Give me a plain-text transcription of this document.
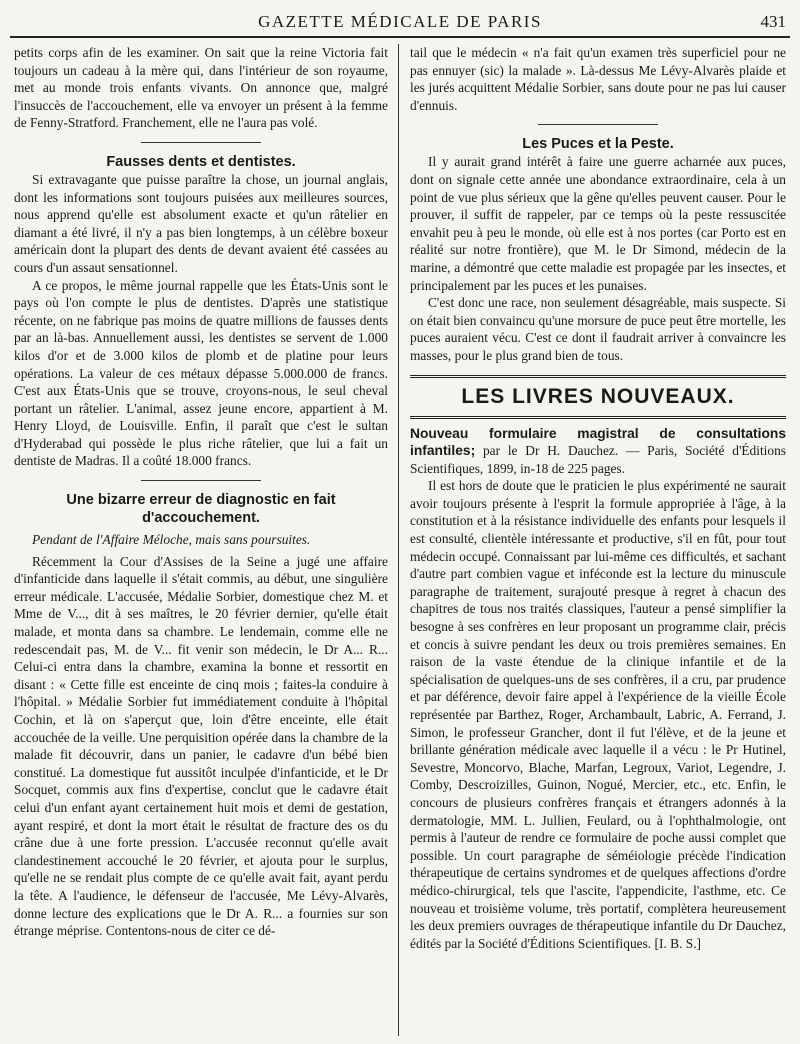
GAZETTE MÉDICALE DE PARIS	431

petits corps afin de les examiner. On sait que la reine Victoria fait toujours un cadeau à la mère qui, dans l'intérieur de son royaume, met au monde trois enfants vivants. On annonce que, malgré l'insuccès de l'accouchement, elle va envoyer un présent à la femme de Fenny-Stratford. Franchement, elle ne l'aura pas volé.

Fausses dents et dentistes.

Si extravagante que puisse paraître la chose, un journal anglais, dont les informations sont toujours puisées aux meilleures sources, nous apprend qu'elle est absolument exacte et qu'un râtelier en diamant a été livré, il n'y a pas bien longtemps, à un célèbre boxeur américain dont la plupart des dents de devant avaient été cassées au cours d'un assaut sensationnel.

A ce propos, le même journal rappelle que les États-Unis sont le pays où l'on compte le plus de dentistes. D'après une statistique récente, on ne fabrique pas moins de quatre millions de fausses dents par an là-bas. Annuellement aussi, les dentistes se servent de 1.000 kilos d'or et de 3.000 kilos de plomb et de platine pour leurs opérations. La valeur de ces métaux dépasse 5.000.000 de francs. C'est aux États-Unis que se trouve, croyons-nous, le seul cheval portant un râtelier. L'animal, assez jeune encore, appartient à M. Henry Lloyd, de Louisville. Enfin, il paraît que c'est le sultan d'Hyderabad qui possède le plus riche râtelier, que lui a fait un dentiste de Madras. Il a coûté 18.000 francs.

Une bizarre erreur de diagnostic en fait d'accouchement.
Pendant de l'Affaire Méloche, mais sans poursuites.

Récemment la Cour d'Assises de la Seine a jugé une affaire d'infanticide dans laquelle il s'était commis, au début, une singulière erreur médicale. L'accusée, Médalie Sorbier, domestique chez M. et Mme de V..., dit à ses maîtres, le 20 février dernier, qu'elle était malade, et monta dans sa chambre. Le lendemain, comme elle ne redescendait pas, M. de V... fit venir son médecin, le Dr A... R... Celui-ci entra dans la chambre, examina la bonne et ressortit en disant : « Cette fille est enceinte de cinq mois ; faites-la conduire à l'hôpital. » Médalie Sorbier fut immédiatement conduite à l'hôpital Cochin, et là on s'aperçut que, loin d'être enceinte, elle était accouchée de la veille. Une perquisition opérée dans la chambre de la malade fit découvrir, dans un panier, le cadavre d'un bébé bien constitué. La domestique fut aussitôt inculpée d'infanticide, et le Dr Socquet, commis aux fins d'expertise, conclut que le cadavre était celui d'un enfant ayant certainement huit mois et demi de gestation, ayant respiré, et dont la mort était le résultat de fracture des os du crâne due à une forte pression. L'accusée reconnut qu'elle avait clandestinement accouché le 20 février, et ajouta pour le surplus, qu'elle ne se rendait plus compte de ce qu'elle avait fait, ayant perdu la tête. A l'audience, le défenseur de l'accusée, Me Lévy-Alvarès, donne lecture des explications que le Dr A. R... a fournies sur son étrange méprise. Contentons-nous de citer ce dé-

tail que le médecin « n'a fait qu'un examen très superficiel pour ne pas ennuyer (sic) la malade ». Là-dessus Me Lévy-Alvarès plaide et les jurés acquittent Médalie Sorbier, sans doute pour ne pas lui causer d'ennuis.

Les Puces et la Peste.

Il y aurait grand intérêt à faire une guerre acharnée aux puces, dont on signale cette année une abondance extraordinaire, cela à un point de vue plus sérieux que la gêne qu'elles peuvent causer. Pour le prouver, il suffit de rappeler, par ce temps où la peste ressuscitée envahit peu à peu le monde, où elle est à nos portes (car Porto est en réalité sur notre frontière), que M. le Dr Simond, médecin de la marine, a démontré que cette maladie est propagée par les insectes, et principalement par les puces et les punaises.

C'est donc une race, non seulement désagréable, mais suspecte. Si on était bien convaincu qu'une morsure de puce peut être mortelle, les puces auraient vécu. C'est ce dont il faudrait arriver à convaincre les masses, pour le plus grand bien de tous.

LES LIVRES NOUVEAUX.

Nouveau formulaire magistral de consultations infantiles; par le Dr H. Dauchez. — Paris, Société d'Éditions Scientifiques, 1899, in-18 de 225 pages.

Il est hors de doute que le praticien le plus expérimenté ne saurait avoir toujours présente à l'esprit la formule appropriée à l'âge, à la constitution et à la résistance individuelle des enfants pour lesquels il est consulté, clientèle intéressante et productive, s'il en fût, pour tout médecin occupé. Connaissant par lui-même ces difficultés, et sachant d'autre part combien vague et inféconde est la lecture du minuscule paragraphe de traitement, surajouté presque à regret à chacun des chapitres de tous nos traités classiques, l'auteur a pensé simplifier la besogne à ses confrères en leur proposant un programme clair, précis et concis à suivre pendant les deux ou trois premières semaines. En raison de la vaste étendue de la clinique infantile et de la spécialisation de quelques-uns de ses confrères, il a cru, par prudence et par déférence, devoir faire appel à l'expérience de la vieille École représentée par Barthez, Roger, Archambault, Labric, A. Ferrand, J. Simon, le professeur Grancher, dont il fut l'élève, et de la jeune et brillante génération médicale avec laquelle il a vécu : le Pr Hutinel, Sevestre, Moncorvo, Blache, Marfan, Legroux, Variot, Legendre, J. Comby, Descroizilles, Guinon, Nogué, Mercier, etc., etc. Enfin, le concours de plusieurs confrères français et étrangers adonnés à la dermatologie, MM. L. Jullien, Feulard, ou à l'ophthalmologie, ont permis à l'auteur de rendre ce formulaire de poche aussi complet que possible. Un court paragraphe de séméiologie précède l'indication thérapeutique de certains syndromes et de quelques affections d'ordre médico-chirurgical, tels que l'ascite, l'appendicite, l'asthme, etc. Ce nouveau et troisième volume, très portatif, complètera heureusement les deux premiers ouvrages de thérapeutique infantile du Dr Dauchez, édités par la Société d'Éditions Scientifiques. [I. B. S.]
